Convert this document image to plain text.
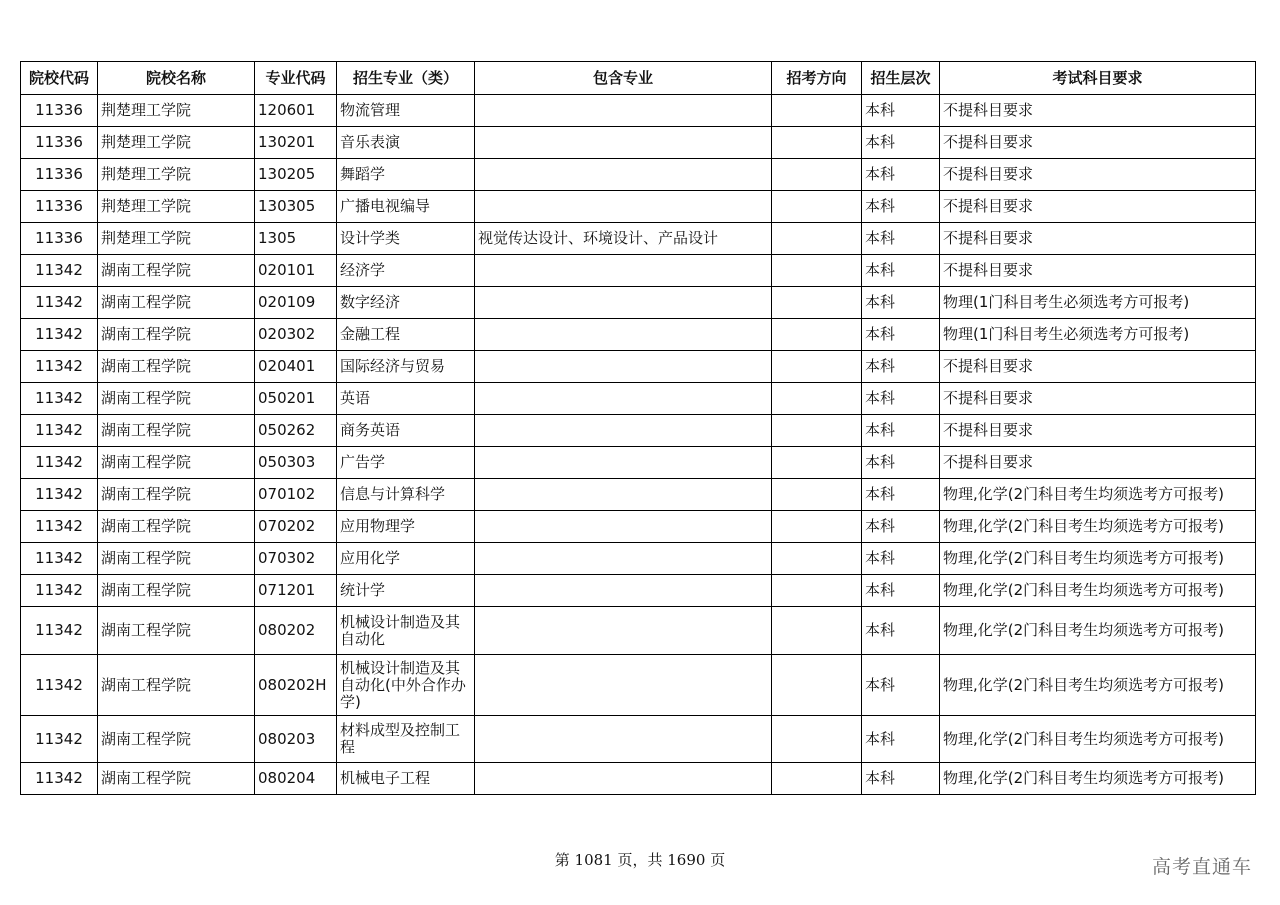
院校代码	院校名称	专业代码	招生专业（类）	包含专业	招考方向	招生层次	考试科目要求
11336	荆楚理工学院	120601	物流管理			本科	不提科目要求
11336	荆楚理工学院	130201	音乐表演			本科	不提科目要求
11336	荆楚理工学院	130205	舞蹈学			本科	不提科目要求
11336	荆楚理工学院	130305	广播电视编导			本科	不提科目要求
11336	荆楚理工学院	1305	设计学类	视觉传达设计、环境设计、产品设计		本科	不提科目要求
11342	湖南工程学院	020101	经济学			本科	不提科目要求
11342	湖南工程学院	020109	数字经济			本科	物理(1门科目考生必须选考方可报考)
11342	湖南工程学院	020302	金融工程			本科	物理(1门科目考生必须选考方可报考)
11342	湖南工程学院	020401	国际经济与贸易			本科	不提科目要求
11342	湖南工程学院	050201	英语			本科	不提科目要求
11342	湖南工程学院	050262	商务英语			本科	不提科目要求
11342	湖南工程学院	050303	广告学			本科	不提科目要求
11342	湖南工程学院	070102	信息与计算科学			本科	物理,化学(2门科目考生均须选考方可报考)
11342	湖南工程学院	070202	应用物理学			本科	物理,化学(2门科目考生均须选考方可报考)
11342	湖南工程学院	070302	应用化学			本科	物理,化学(2门科目考生均须选考方可报考)
11342	湖南工程学院	071201	统计学			本科	物理,化学(2门科目考生均须选考方可报考)
11342	湖南工程学院	080202	机械设计制造及其自动化			本科	物理,化学(2门科目考生均须选考方可报考)
11342	湖南工程学院	080202H	机械设计制造及其自动化(中外合作办学)			本科	物理,化学(2门科目考生均须选考方可报考)
11342	湖南工程学院	080203	材料成型及控制工程			本科	物理,化学(2门科目考生均须选考方可报考)
11342	湖南工程学院	080204	机械电子工程			本科	物理,化学(2门科目考生均须选考方可报考)
第 1081 页，共 1690 页	高考直通车
